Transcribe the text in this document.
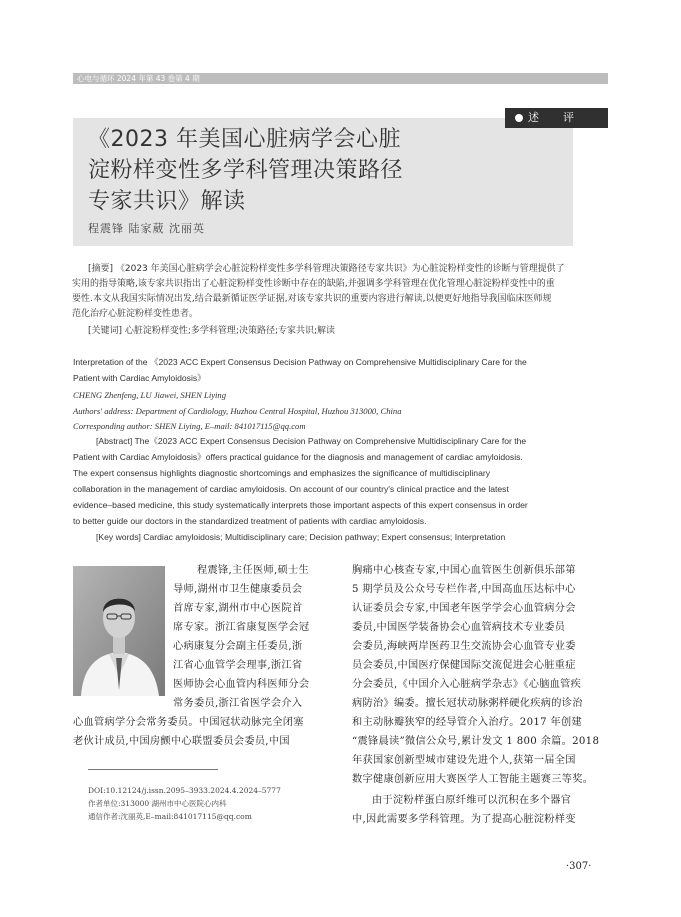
心电与循环 2024 年第 43 卷第 4 期
述 评
《2023 年美国心脏病学会心脏
淀粉样变性多学科管理决策路径
专家共识》解读
程震锋 陆家葳 沈丽英
[摘要] 《2023 年美国心脏病学会心脏淀粉样变性多学科管理决策路径专家共识》为心脏淀粉样变性的诊断与管理提供了
实用的指导策略,该专家共识指出了心脏淀粉样变性诊断中存在的缺陷,并强调多学科管理在优化管理心脏淀粉样变性中的重
要性.本文从我国实际情况出发,结合最新循证医学证据,对该专家共识的重要内容进行解读,以便更好地指导我国临床医师规
范化治疗心脏淀粉样变性患者。
[关键词] 心脏淀粉样变性;多学科管理;决策路径;专家共识;解读
Interpretation of the 《2023 ACC Expert Consensus Decision Pathway on Comprehensive Multidisciplinary Care for the
Patient with Cardiac Amyloidosis》
CHENG Zhenfeng, LU Jiawei, SHEN Liying
Authors' address: Department of Cardiology, Huzhou Central Hospital, Huzhou 313000, China
Corresponding author: SHEN Liying, E–mail: 841017115@qq.com
[Abstract] The《2023 ACC Expert Consensus Decision Pathway on Comprehensive Multidisciplinary Care for the
Patient with Cardiac Amyloidosis》offers practical guidance for the diagnosis and management of cardiac amyloidosis.
The expert consensus highlights diagnostic shortcomings and emphasizes the significance of multidisciplinary
collaboration in the management of cardiac amyloidosis. On account of our country's clinical practice and the latest
evidence–based medicine, this study systematically interprets those important aspects of this expert consensus in order
to better guide our doctors in the standardized treatment of patients with cardiac amyloidosis.
[Key words] Cardiac amyloidosis; Multidisciplinary care; Decision pathway; Expert consensus; Interpretation
程震锋,主任医师,硕士生
导师,湖州市卫生健康委员会
首席专家,湖州市中心医院首
席专家。浙江省康复医学会冠
心病康复分会副主任委员,浙
江省心血管学会理事,浙江省
医师协会心血管内科医师分会
常务委员,浙江省医学会介入
心血管病学分会常务委员。中国冠状动脉完全闭塞
老伙计成员,中国房颤中心联盟委员会委员,中国
胸痛中心核查专家,中国心血管医生创新俱乐部第
5 期学员及公众号专栏作者,中国高血压达标中心
认证委员会专家,中国老年医学学会心血管病分会
委员,中国医学装备协会心血管病技术专业委员
会委员,海峡两岸医药卫生交流协会心血管专业委
员会委员,中国医疗保健国际交流促进会心脏重症
分会委员,《中国介入心脏病学杂志》《心脑血管疾
病防治》编委。擅长冠状动脉粥样硬化疾病的诊治
和主动脉瓣狭窄的经导管介入治疗。2017 年创建
“震锋晨读”微信公众号,累计发文 1 800 余篇。2018
年获国家创新型城市建设先进个人,获第一届全国
数字健康创新应用大赛医学人工智能主题赛三等奖。
DOI:10.12124/j.issn.2095–3933.2024.4.2024–5777
作者单位:313000 湖州市中心医院心内科
通信作者:沈丽英,E–mail:841017115@qq.com
由于淀粉样蛋白原纤维可以沉积在多个器官
中,因此需要多学科管理。为了提高心脏淀粉样变
·307·
